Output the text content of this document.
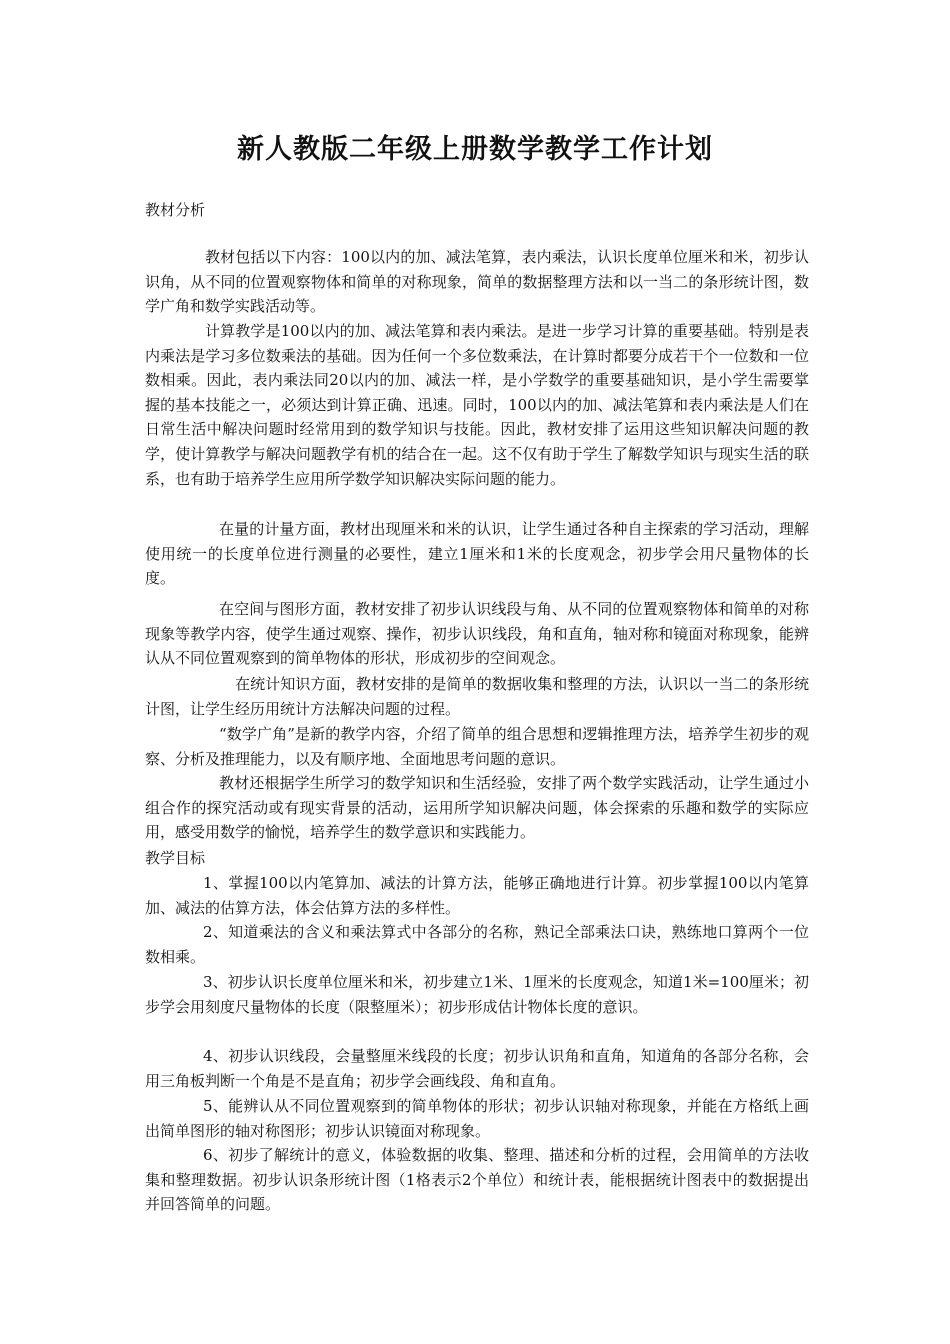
新人教版二年级上册数学教学工作计划
教材分析
教材包括以下内容：100以内的加、减法笔算，表内乘法，认识长度单位厘米和米，初步认识角，从不同的位置观察物体和简单的对称现象，简单的数据整理方法和以一当二的条形统计图，数学广角和数学实践活动等。
计算教学是100以内的加、减法笔算和表内乘法。是进一步学习计算的重要基础。特别是表内乘法是学习多位数乘法的基础。因为任何一个多位数乘法，在计算时都要分成若干个一位数和一位数相乘。因此，表内乘法同20以内的加、减法一样，是小学数学的重要基础知识，是小学生需要掌握的基本技能之一，必须达到计算正确、迅速。同时，100以内的加、减法笔算和表内乘法是人们在日常生活中解决问题时经常用到的数学知识与技能。因此，教材安排了运用这些知识解决问题的教学，使计算教学与解决问题教学有机的结合在一起。这不仅有助于学生了解数学知识与现实生活的联系，也有助于培养学生应用所学数学知识解决实际问题的能力。
在量的计量方面，教材出现厘米和米的认识，让学生通过各种自主探索的学习活动，理解使用统一的长度单位进行测量的必要性，建立1厘米和1米的长度观念，初步学会用尺量物体的长度。
在空间与图形方面，教材安排了初步认识线段与角、从不同的位置观察物体和简单的对称现象等教学内容，使学生通过观察、操作，初步认识线段，角和直角，轴对称和镜面对称现象，能辨认从不同位置观察到的简单物体的形状，形成初步的空间观念。
在统计知识方面，教材安排的是简单的数据收集和整理的方法，认识以一当二的条形统计图，让学生经历用统计方法解决问题的过程。
“数学广角”是新的教学内容，介绍了简单的组合思想和逻辑推理方法，培养学生初步的观察、分析及推理能力，以及有顺序地、全面地思考问题的意识。
教材还根据学生所学习的数学知识和生活经验，安排了两个数学实践活动，让学生通过小组合作的探究活动或有现实背景的活动，运用所学知识解决问题，体会探索的乐趣和数学的实际应用，感受用数学的愉悦，培养学生的数学意识和实践能力。
教学目标
1、掌握100以内笔算加、减法的计算方法，能够正确地进行计算。初步掌握100以内笔算加、减法的估算方法，体会估算方法的多样性。
2、知道乘法的含义和乘法算式中各部分的名称，熟记全部乘法口诀，熟练地口算两个一位数相乘。
3、初步认识长度单位厘米和米，初步建立1米、1厘米的长度观念，知道1米=100厘米；初步学会用刻度尺量物体的长度（限整厘米）；初步形成估计物体长度的意识。
4、初步认识线段，会量整厘米线段的长度；初步认识角和直角，知道角的各部分名称，会用三角板判断一个角是不是直角；初步学会画线段、角和直角。
5、能辨认从不同位置观察到的简单物体的形状；初步认识轴对称现象，并能在方格纸上画出简单图形的轴对称图形；初步认识镜面对称现象。
6、初步了解统计的意义，体验数据的收集、整理、描述和分析的过程，会用简单的方法收集和整理数据。初步认识条形统计图（1格表示2个单位）和统计表，能根据统计图表中的数据提出并回答简单的问题。
